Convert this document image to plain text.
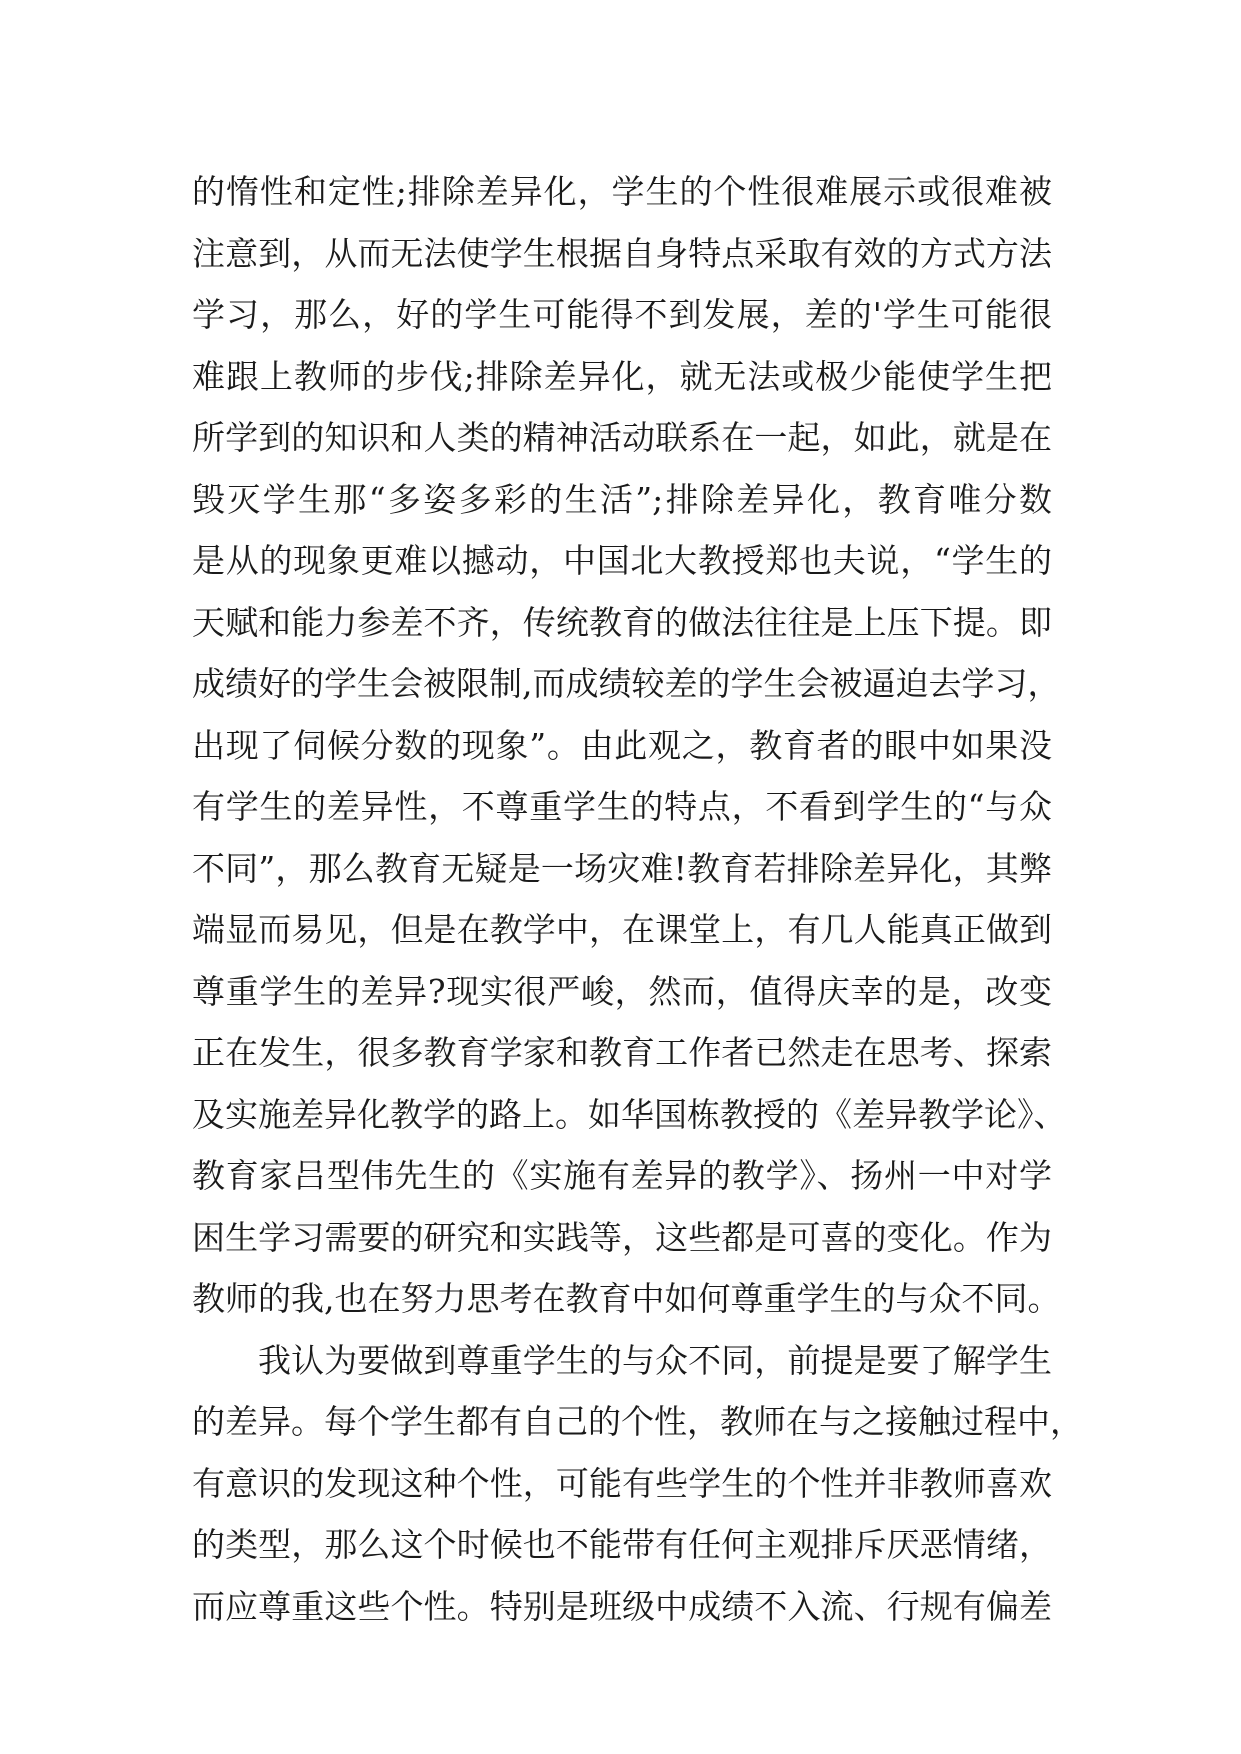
的惰性和定性;排除差异化，学生的个性很难展示或很难被
注意到，从而无法使学生根据自身特点采取有效的方式方法
学习，那么，好的学生可能得不到发展，差的'学生可能很
难跟上教师的步伐;排除差异化，就无法或极少能使学生把
所学到的知识和人类的精神活动联系在一起，如此，就是在
毁灭学生那“多姿多彩的生活”;排除差异化，教育唯分数
是从的现象更难以撼动，中国北大教授郑也夫说，“学生的
天赋和能力参差不齐，传统教育的做法往往是上压下提。即
成绩好的学生会被限制,而成绩较差的学生会被逼迫去学习，
出现了伺候分数的现象”。由此观之，教育者的眼中如果没
有学生的差异性，不尊重学生的特点，不看到学生的“与众
不同”，那么教育无疑是一场灾难!教育若排除差异化，其弊
端显而易见，但是在教学中，在课堂上，有几人能真正做到
尊重学生的差异?现实很严峻，然而，值得庆幸的是，改变
正在发生，很多教育学家和教育工作者已然走在思考、探索
及实施差异化教学的路上。如华国栋教授的《差异教学论》、
教育家吕型伟先生的《实施有差异的教学》、扬州一中对学
困生学习需要的研究和实践等，这些都是可喜的变化。作为
教师的我,也在努力思考在教育中如何尊重学生的与众不同。
我认为要做到尊重学生的与众不同，前提是要了解学生
的差异。每个学生都有自己的个性，教师在与之接触过程中，
有意识的发现这种个性，可能有些学生的个性并非教师喜欢
的类型，那么这个时候也不能带有任何主观排斥厌恶情绪，
而应尊重这些个性。特别是班级中成绩不入流、行规有偏差
